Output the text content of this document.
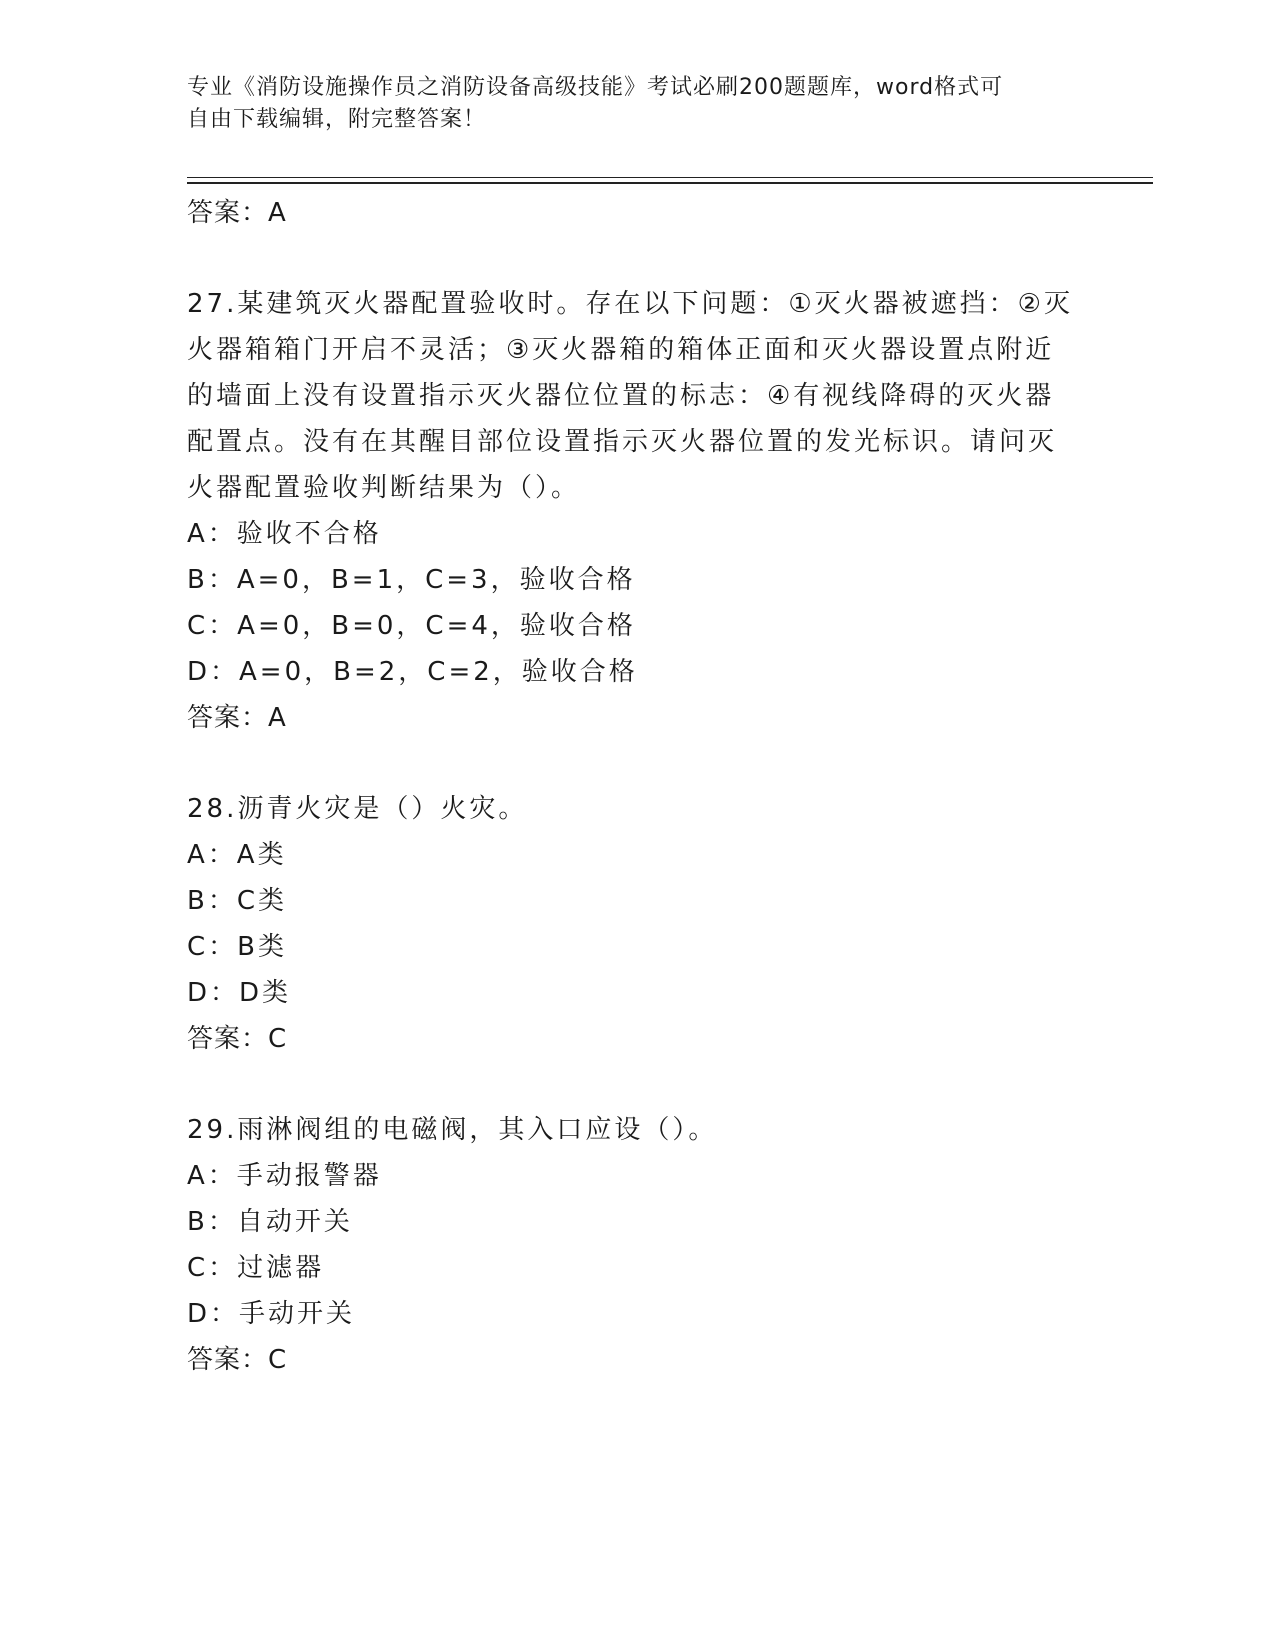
专业《消防设施操作员之消防设备高级技能》考试必刷200题题库，word格式可
自由下载编辑，附完整答案！
答案：A
27.某建筑灭火器配置验收时。存在以下问题：①灭火器被遮挡：②灭
火器箱箱门开启不灵活；③灭火器箱的箱体正面和灭火器设置点附近
的墙面上没有设置指示灭火器位位置的标志：④有视线降碍的灭火器
配置点。没有在其醒目部位设置指示灭火器位置的发光标识。请问灭
火器配置验收判断结果为（）。
A：验收不合格
B：A=0，B=1，C=3，验收合格
C：A=0，B=0，C=4，验收合格
D：A=0，B=2，C=2，验收合格
答案：A
28.沥青火灾是（）火灾。
A：A类
B：C类
C：B类
D：D类
答案：C
29.雨淋阀组的电磁阀，其入口应设（）。
A：手动报警器
B：自动开关
C：过滤器
D：手动开关
答案：C
